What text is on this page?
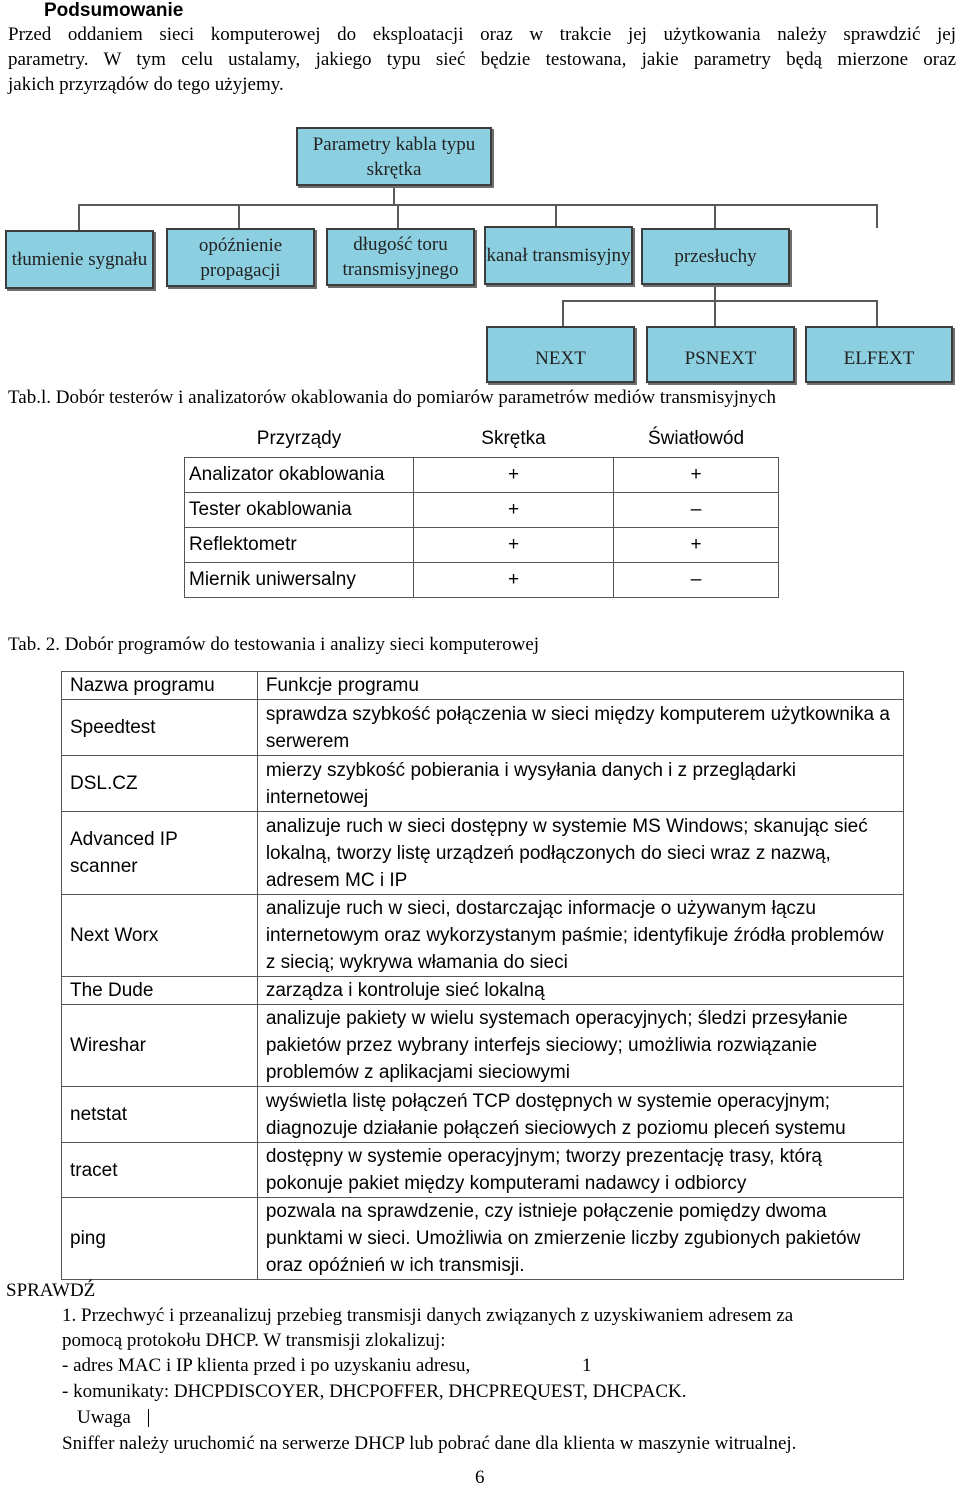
Podsumowanie
Przed oddaniem sieci komputerowej do eksploatacji oraz w trakcie jej użytkowania należy sprawdzić jej
parametry. W tym celu ustalamy, jakiego typu sieć będzie testowana, jakie parametry będą mierzone oraz
jakich przyrządów do tego użyjemy.
Parametry kabla typu skrętka
tłumienie sygnału
opóźnienie propagacji
długość toru transmisyjnego
kanał transmisyjny	przesłuchy
NEXT	PSNEXT	ELFEXT
Tab.l. Dobór testerów i analizatorów okablowania do pomiarów parametrów mediów transmisyjnych
Przyrządy	Skrętka	Światłowód
Analizator okablowania	+	+
Tester okablowania	+	–
Reflektometr	+	+
Miernik uniwersalny	+	–
Tab. 2. Dobór programów do testowania i analizy sieci komputerowej
Nazwa programu	Funkcje programu
Speedtest	sprawdza szybkość połączenia w sieci między komputerem użytkownika a serwerem
DSL.CZ	mierzy szybkość pobierania i wysyłania danych i z przeglądarki internetowej
Advanced IP scanner	analizuje ruch w sieci dostępny w systemie MS Windows; skanując sieć lokalną, tworzy listę urządzeń podłączonych do sieci wraz z nazwą, adresem MC i IP
Next Worx	analizuje ruch w sieci, dostarczając informacje o używanym łączu internetowym oraz wykorzystanym paśmie; identyfikuje źródła problemów z siecią; wykrywa włamania do sieci
The Dude	zarządza i kontroluje sieć lokalną
Wireshar	analizuje pakiety w wielu systemach operacyjnych; śledzi przesyłanie pakietów przez wybrany interfejs sieciowy; umożliwia rozwiązanie problemów z aplikacjami sieciowymi
netstat	wyświetla listę połączeń TCP dostępnych w systemie operacyjnym; diagnozuje działanie połączeń sieciowych z poziomu pleceń systemu
tracet	dostępny w systemie operacyjnym; tworzy prezentację trasy, którą pokonuje pakiet między komputerami nadawcy i odbiorcy
ping	pozwala na sprawdzenie, czy istnieje połączenie pomiędzy dwoma punktami w sieci. Umożliwia on zmierzenie liczby zgubionych pakietów oraz opóźnień w ich transmisji.
SPRAWDŹ
1. Przechwyć i przeanalizuj przebieg transmisji danych związanych z uzyskiwaniem adresem za
pomocą protokołu DHCP. W transmisji zlokalizuj:
- adres MAC i IP klienta przed i po uzyskaniu adresu,	1
- komunikaty: DHCPDISCOYER, DHCPOFFER, DHCPREQUEST, DHCPACK.
Uwaga
Sniffer należy uruchomić na serwerze DHCP lub pobrać dane dla klienta w maszynie witrualnej.
6
